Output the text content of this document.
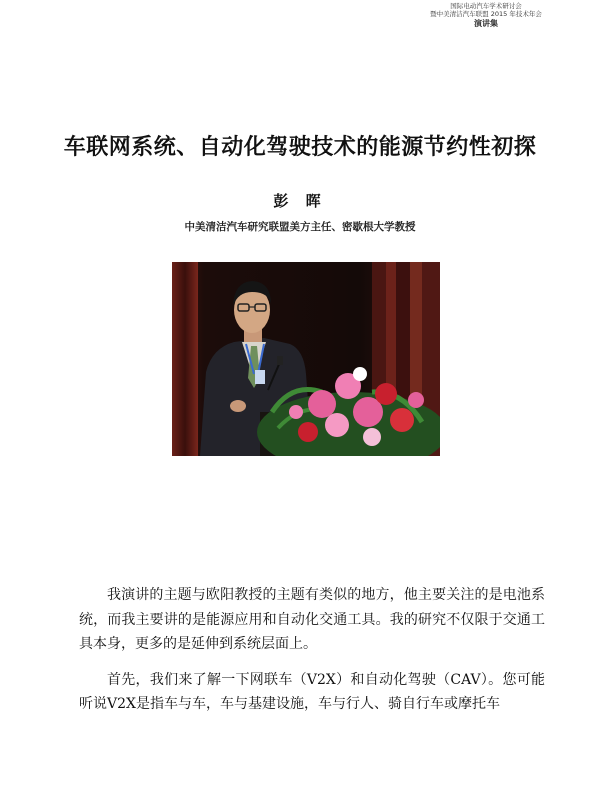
国际电动汽车学术研讨会
暨中美清洁汽车联盟 2015 年技术年会
演讲集
车联网系统、自动化驾驶技术的能源节约性初探
彭 晖
中美清洁汽车研究联盟美方主任、密歇根大学教授

我演讲的主题与欧阳教授的主题有类似的地方，他主要关注的是电池系统，而我主要讲的是能源应用和自动化交通工具。我的研究不仅限于交通工具本身，更多的是延伸到系统层面上。

首先，我们来了解一下网联车（V2X）和自动化驾驶（CAV）。您可能听说V2X是指车与车，车与基建设施，车与行人、骑自行车或摩托车
